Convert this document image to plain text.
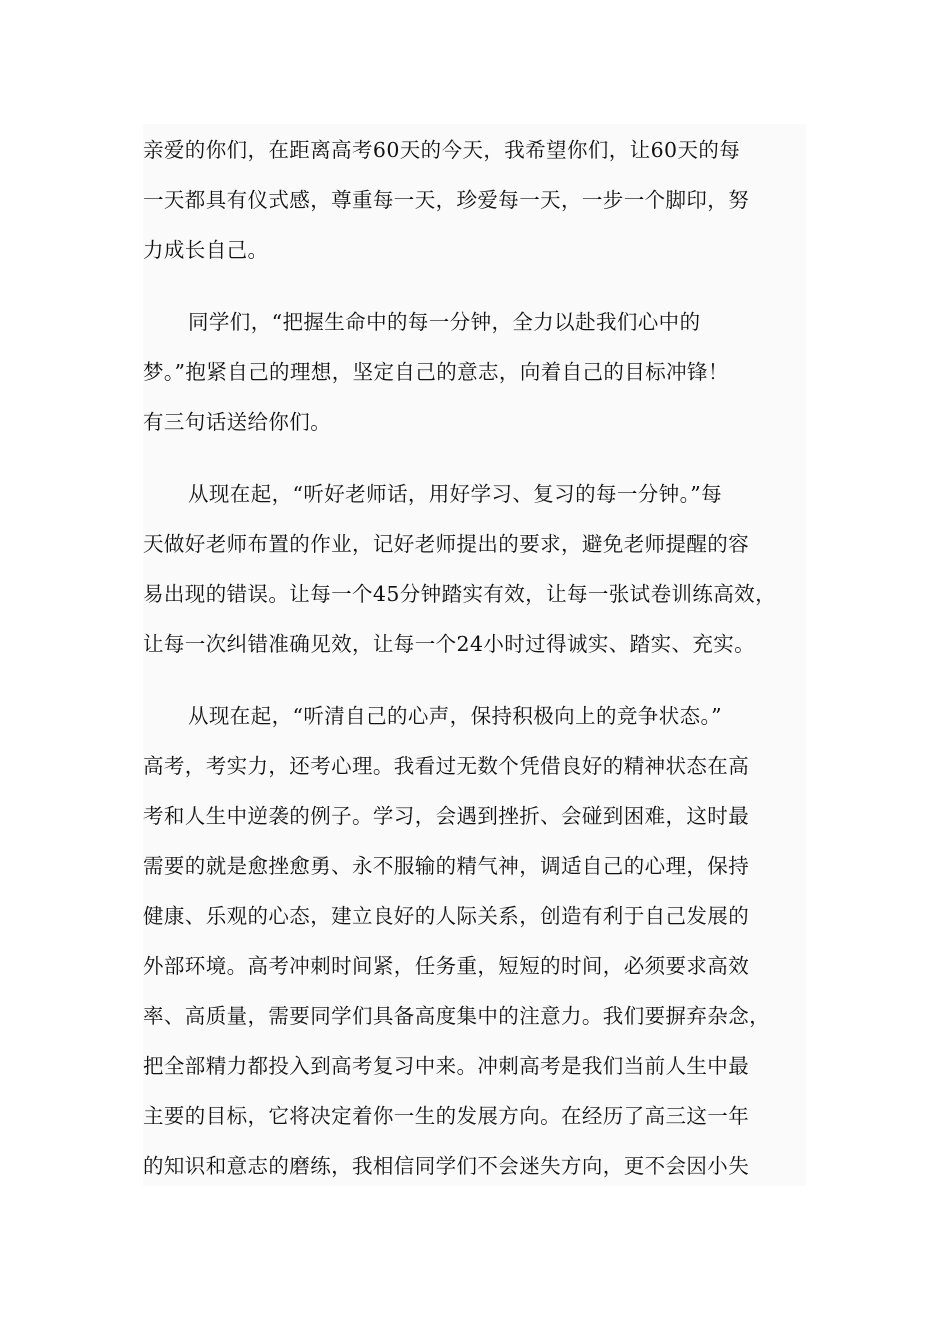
亲爱的你们，在距离高考60天的今天，我希望你们，让60天的每
一天都具有仪式感，尊重每一天，珍爱每一天，一步一个脚印，努
力成长自己。
同学们，“把握生命中的每一分钟，全力以赴我们心中的
梦。”抱紧自己的理想，坚定自己的意志，向着自己的目标冲锋！
有三句话送给你们。
从现在起，“听好老师话，用好学习、复习的每一分钟。”每
天做好老师布置的作业，记好老师提出的要求，避免老师提醒的容
易出现的错误。让每一个45分钟踏实有效，让每一张试卷训练高效，
让每一次纠错准确见效，让每一个24小时过得诚实、踏实、充实。
从现在起，“听清自己的心声，保持积极向上的竞争状态。”
高考，考实力，还考心理。我看过无数个凭借良好的精神状态在高
考和人生中逆袭的例子。学习，会遇到挫折、会碰到困难，这时最
需要的就是愈挫愈勇、永不服输的精气神，调适自己的心理，保持
健康、乐观的心态，建立良好的人际关系，创造有利于自己发展的
外部环境。高考冲刺时间紧，任务重，短短的时间，必须要求高效
率、高质量，需要同学们具备高度集中的注意力。我们要摒弃杂念，
把全部精力都投入到高考复习中来。冲刺高考是我们当前人生中最
主要的目标，它将决定着你一生的发展方向。在经历了高三这一年
的知识和意志的磨练，我相信同学们不会迷失方向，更不会因小失
